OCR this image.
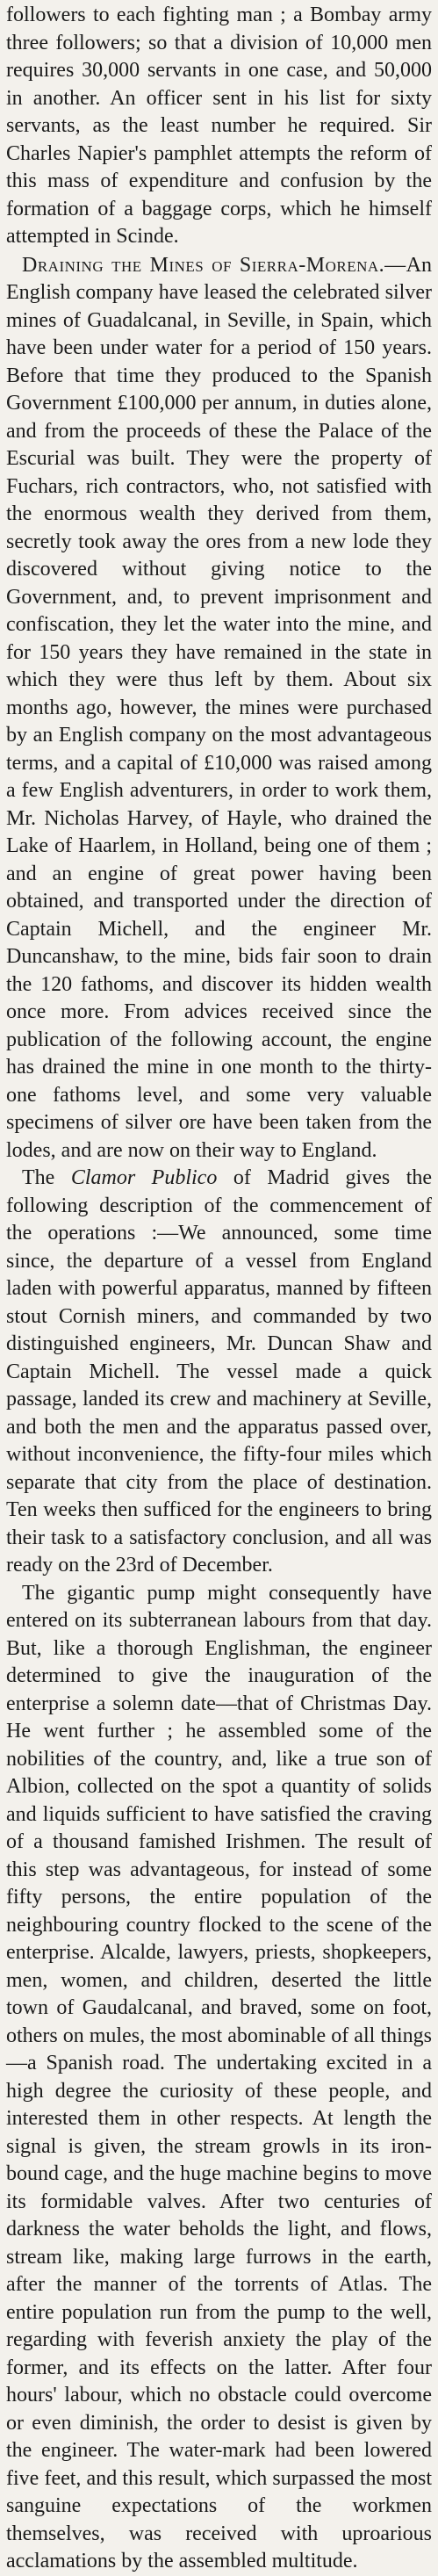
followers to each fighting man ; a Bombay army three followers; so that a division of 10,000 men requires 30,000 servants in one case, and 50,000 in another. An officer sent in his list for sixty servants, as the least number he required. Sir Charles Napier's pamphlet attempts the reform of this mass of expenditure and confusion by the formation of a baggage corps, which he himself attempted in Scinde.

Draining the Mines of Sierra-Morena.—An English company have leased the celebrated silver mines of Guadalcanal, in Seville, in Spain, which have been under water for a period of 150 years. Before that time they produced to the Spanish Government £100,000 per annum, in duties alone, and from the proceeds of these the Palace of the Escurial was built. They were the property of Fuchars, rich contractors, who, not satisfied with the enormous wealth they derived from them, secretly took away the ores from a new lode they discovered without giving notice to the Government, and, to prevent imprisonment and confiscation, they let the water into the mine, and for 150 years they have remained in the state in which they were thus left by them. About six months ago, however, the mines were purchased by an English company on the most advantageous terms, and a capital of £10,000 was raised among a few English adventurers, in order to work them, Mr. Nicholas Harvey, of Hayle, who drained the Lake of Haarlem, in Holland, being one of them ; and an engine of great power having been obtained, and transported under the direction of Captain Michell, and the engineer Mr. Duncanshaw, to the mine, bids fair soon to drain the 120 fathoms, and discover its hidden wealth once more. From advices received since the publication of the following account, the engine has drained the mine in one month to the thirty-one fathoms level, and some very valuable specimens of silver ore have been taken from the lodes, and are now on their way to England.

The Clamor Publico of Madrid gives the following description of the commencement of the operations :—We announced, some time since, the departure of a vessel from England laden with powerful apparatus, manned by fifteen stout Cornish miners, and commanded by two distinguished engineers, Mr. Duncan Shaw and Captain Michell. The vessel made a quick passage, landed its crew and machinery at Seville, and both the men and the apparatus passed over, without inconvenience, the fifty-four miles which separate that city from the place of destination. Ten weeks then sufficed for the engineers to bring their task to a satisfactory conclusion, and all was ready on the 23rd of December.

The gigantic pump might consequently have entered on its subterranean labours from that day. But, like a thorough Englishman, the engineer determined to give the inauguration of the enterprise a solemn date—that of Christmas Day. He went further ; he assembled some of the nobilities of the country, and, like a true son of Albion, collected on the spot a quantity of solids and liquids sufficient to have satisfied the craving of a thousand famished Irishmen. The result of this step was advantageous, for instead of some fifty persons, the entire population of the neighbouring country flocked to the scene of the enterprise. Alcalde, lawyers, priests, shopkeepers, men, women, and children, deserted the little town of Gaudalcanal, and braved, some on foot, others on mules, the most abominable of all things—a Spanish road. The undertaking excited in a high degree the curiosity of these people, and interested them in other respects. At length the signal is given, the stream growls in its iron-bound cage, and the huge machine begins to move its formidable valves. After two centuries of darkness the water beholds the light, and flows, stream like, making large furrows in the earth, after the manner of the torrents of Atlas. The entire population run from the pump to the well, regarding with feverish anxiety the play of the former, and its effects on the latter. After four hours' labour, which no obstacle could overcome or even diminish, the order to desist is given by the engineer. The water-mark had been lowered five feet, and this result, which surpassed the most sanguine expectations of the workmen themselves, was received with uproarious acclamations by the assembled multitude.
